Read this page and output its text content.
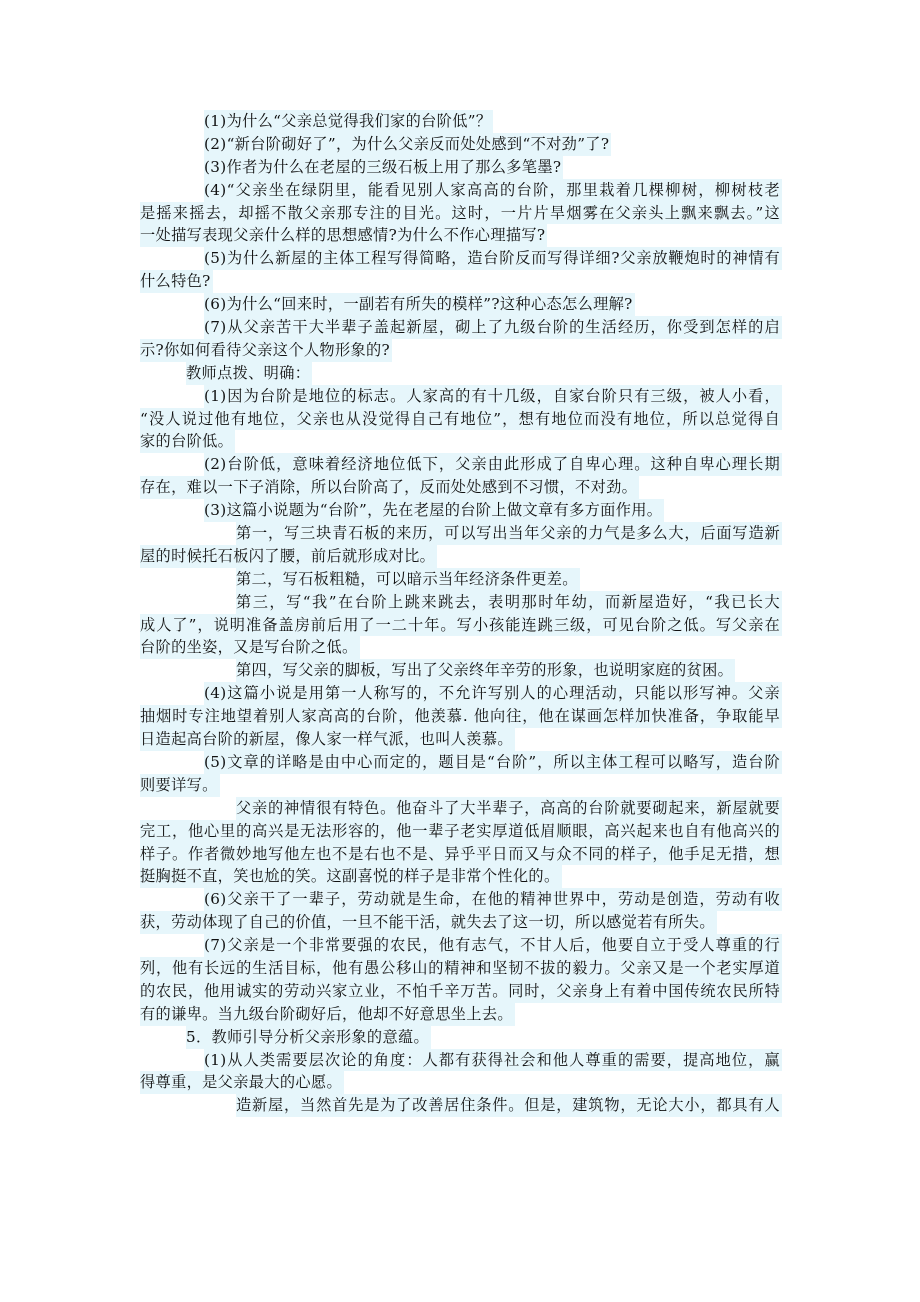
(1)为什么“父亲总觉得我们家的台阶低”？
(2)“新台阶砌好了”，为什么父亲反而处处感到“不对劲”了?
(3)作者为什么在老屋的三级石板上用了那么多笔墨?
(4)“父亲坐在绿阴里，能看见别人家高高的台阶，那里栽着几棵柳树，柳树枝老
是摇来摇去，却摇不散父亲那专注的目光。这时，一片片旱烟雾在父亲头上飘来飘去。”这
一处描写表现父亲什么样的思想感情?为什么不作心理描写?
(5)为什么新屋的主体工程写得简略，造台阶反而写得详细?父亲放鞭炮时的神情有
什么特色?
(6)为什么“回来时，一副若有所失的模样”?这种心态怎么理解?
(7)从父亲苦干大半辈子盖起新屋，砌上了九级台阶的生活经历，你受到怎样的启
示?你如何看待父亲这个人物形象的?
教师点拨、明确：
(1)因为台阶是地位的标志。人家高的有十几级，自家台阶只有三级，被人小看，
“没人说过他有地位，父亲也从没觉得自己有地位”，想有地位而没有地位，所以总觉得自
家的台阶低。
(2)台阶低，意味着经济地位低下，父亲由此形成了自卑心理。这种自卑心理长期
存在，难以一下子消除，所以台阶高了，反而处处感到不习惯，不对劲。
(3)这篇小说题为“台阶”，先在老屋的台阶上做文章有多方面作用。
第一，写三块青石板的来历，可以写出当年父亲的力气是多么大，后面写造新
屋的时候托石板闪了腰，前后就形成对比。
第二，写石板粗糙，可以暗示当年经济条件更差。
第三，写“我”在台阶上跳来跳去，表明那时年幼，而新屋造好，“我已长大
成人了”，说明准备盖房前后用了一二十年。写小孩能连跳三级，可见台阶之低。写父亲在
台阶的坐姿，又是写台阶之低。
第四，写父亲的脚板，写出了父亲终年辛劳的形象，也说明家庭的贫困。
(4)这篇小说是用第一人称写的，不允许写别人的心理活动，只能以形写神。父亲
抽烟时专注地望着别人家高高的台阶，他羡慕. 他向往，他在谋画怎样加快准备，争取能早
日造起高台阶的新屋，像人家一样气派，也叫人羡慕。
(5)文章的详略是由中心而定的，题目是“台阶”，所以主体工程可以略写，造台阶
则要详写。
父亲的神情很有特色。他奋斗了大半辈子，高高的台阶就要砌起来，新屋就要
完工，他心里的高兴是无法形容的，他一辈子老实厚道低眉顺眼，高兴起来也自有他高兴的
样子。作者微妙地写他左也不是右也不是、异乎平日而又与众不同的样子，他手足无措，想
挺胸挺不直，笑也尬的笑。这副喜悦的样子是非常个性化的。
(6)父亲干了一辈子，劳动就是生命，在他的精神世界中，劳动是创造，劳动有收
获，劳动体现了自己的价值，一旦不能干活，就失去了这一切，所以感觉若有所失。
(7)父亲是一个非常要强的农民，他有志气，不甘人后，他要自立于受人尊重的行
列，他有长远的生活目标，他有愚公移山的精神和坚韧不拔的毅力。父亲又是一个老实厚道
的农民，他用诚实的劳动兴家立业，不怕千辛万苦。同时，父亲身上有着中国传统农民所特
有的谦卑。当九级台阶砌好后，他却不好意思坐上去。
5．教师引导分析父亲形象的意蕴。
(1)从人类需要层次论的角度：人都有获得社会和他人尊重的需要，提高地位，赢
得尊重，是父亲最大的心愿。
造新屋，当然首先是为了改善居住条件。但是，建筑物，无论大小，都具有人
